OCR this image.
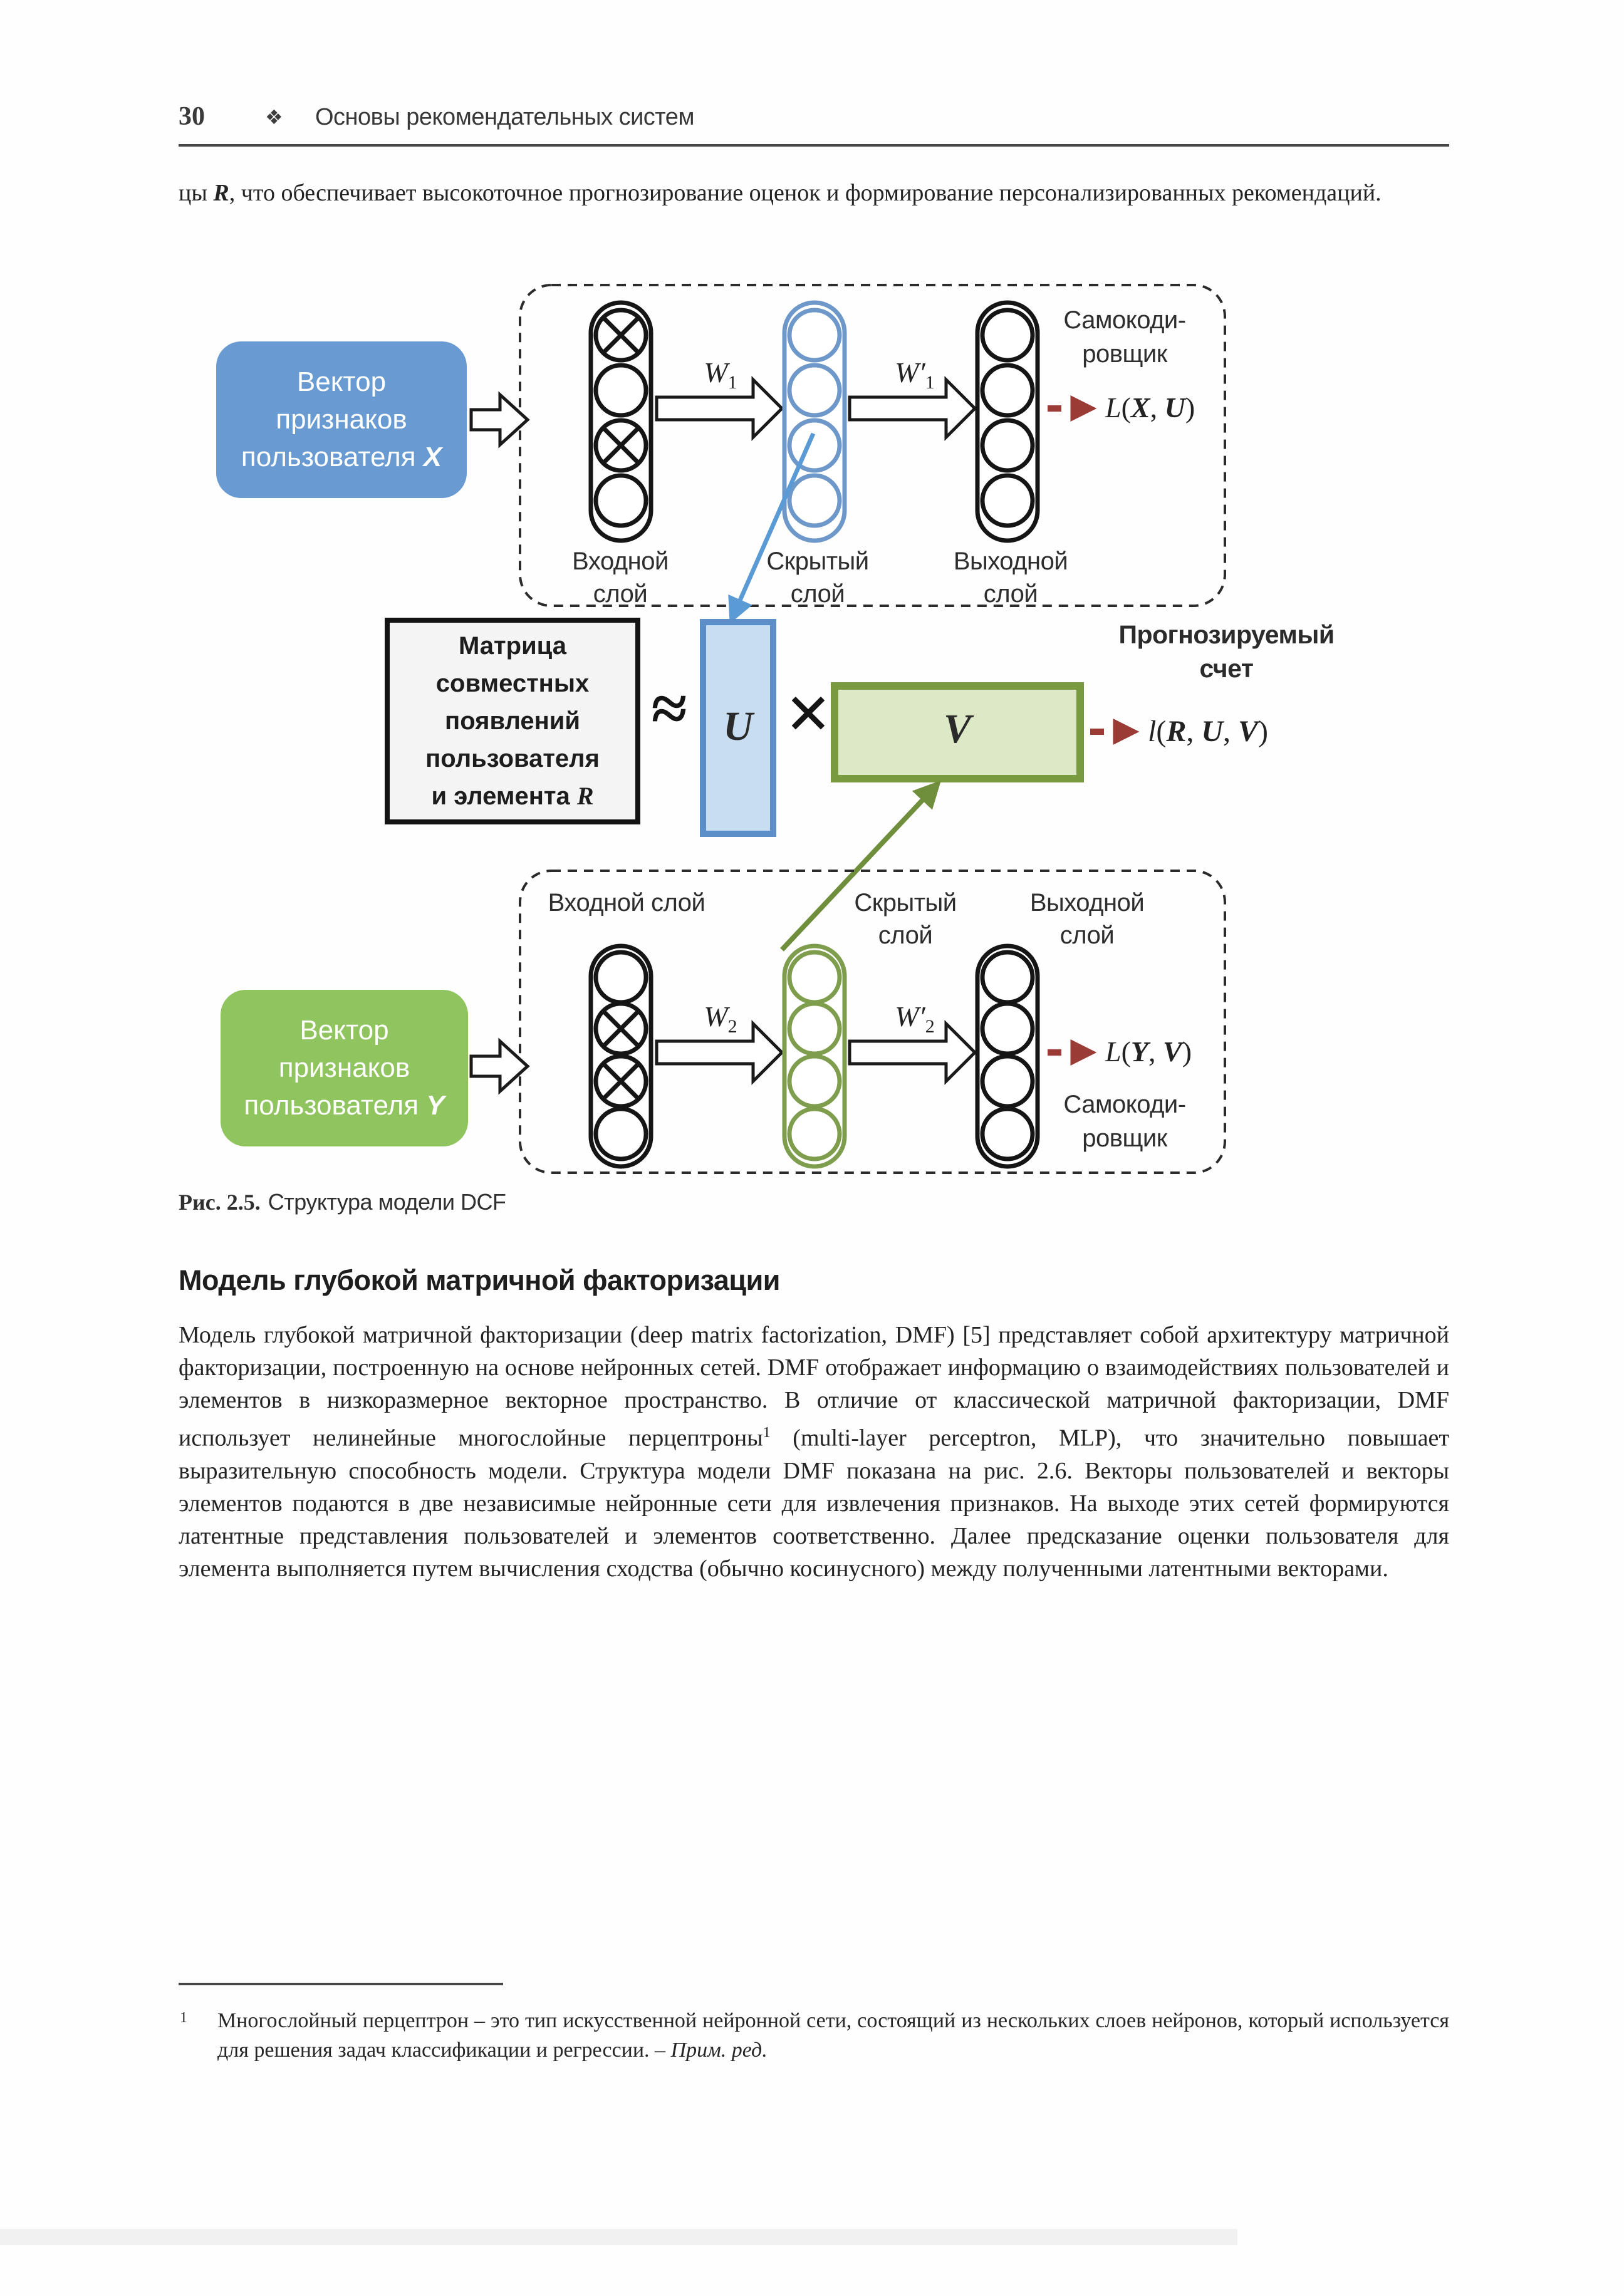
30	❖ Основы рекомендательных систем
цы R, что обеспечивает высокоточное прогнозирование оценок и формирование персонализированных рекомендаций.
Вектор
признаков
пользователя X
$W_1$	$W'_1$
Самокоди-
ровщик
L(X, U)
Входной
слой
Скрытый
слой
Выходной
слой
Матрица
совместных
появлений
пользователя
и элемента R
≈ U ✕	V
Прогнозируемый
счет
l(R, U, V)
Входной слой	Скрытый
слой
Выходной
слой
Вектор
признаков
пользователя Y
$W_2$	$W'_2$
L(Y, V)
Самокоди-
ровщик
Рис. 2.5. Структура модели DCF
Модель глубокой матричной факторизации
Модель глубокой матричной факторизации (deep matrix factorization, DMF) [5] представляет собой архитектуру матричной факторизации, построенную на основе нейронных сетей. DMF отображает информацию о взаимодействиях пользователей и элементов в низкоразмерное векторное пространство. В отличие от классической матричной факторизации, DMF использует нелинейные многослойные перцептроны$^1$ (multi-layer perceptron, MLP), что значительно повышает выразительную способность модели. Структура модели DMF показана на рис. 2.6. Векторы пользователей и векторы элементов подаются в две независимые нейронные сети для извлечения признаков. На выходе этих сетей формируются латентные представления пользователей и элементов соответственно. Далее предсказание оценки пользователя для элемента выполняется путем вычисления сходства (обычно косинусного) между полученными латентными векторами.
1 Многослойный перцептрон – это тип искусственной нейронной сети, состоящий из нескольких слоев нейронов, который используется для решения задач классификации и регрессии. – Прим. ред.
